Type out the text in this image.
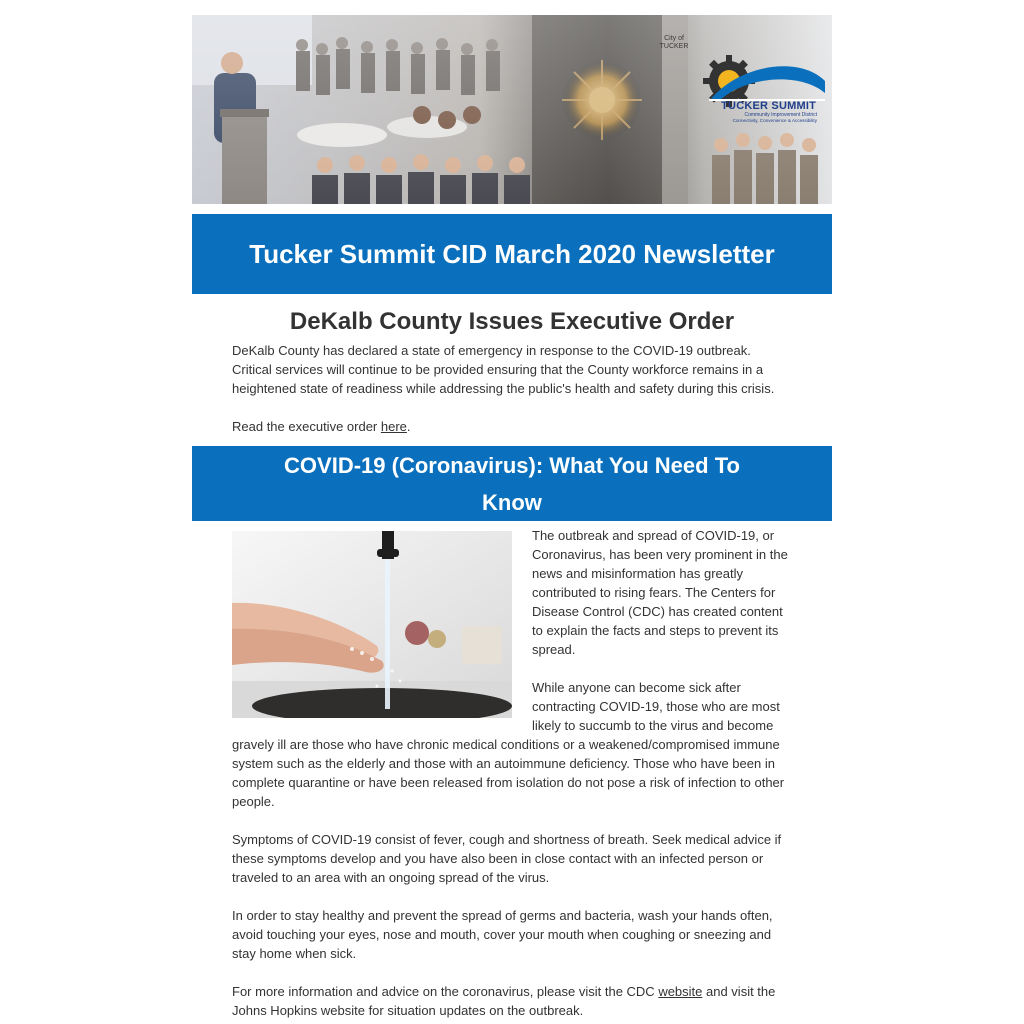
City of TUCKER
TUCKER SUMMIT
Community Improvement District
Connectivity, Convenience & Accessibility
Tucker Summit CID March 2020 Newsletter
DeKalb County Issues Executive Order

DeKalb County has declared a state of emergency in response to the COVID-19 outbreak. Critical services will continue to be provided ensuring that the County workforce remains in a heightened state of readiness while addressing the public's health and safety during this crisis.

Read the executive order here.

COVID-19 (Coronavirus): What You Need To Know

The outbreak and spread of COVID-19, or Coronavirus, has been very prominent in the news and misinformation has greatly contributed to rising fears. The Centers for Disease Control (CDC) has created content to explain the facts and steps to prevent its spread.

While anyone can become sick after contracting COVID-19, those who are most likely to succumb to the virus and become

gravely ill are those who have chronic medical conditions or a weakened/compromised immune system such as the elderly and those with an autoimmune deficiency. Those who have been in complete quarantine or have been released from isolation do not pose a risk of infection to other people.

Symptoms of COVID-19 consist of fever, cough and shortness of breath. Seek medical advice if these symptoms develop and you have also been in close contact with an infected person or traveled to an area with an ongoing spread of the virus.

In order to stay healthy and prevent the spread of germs and bacteria, wash your hands often, avoid touching your eyes, nose and mouth, cover your mouth when coughing or sneezing and stay home when sick.

For more information and advice on the coronavirus, please visit the CDC website and visit the Johns Hopkins website for situation updates on the outbreak.
